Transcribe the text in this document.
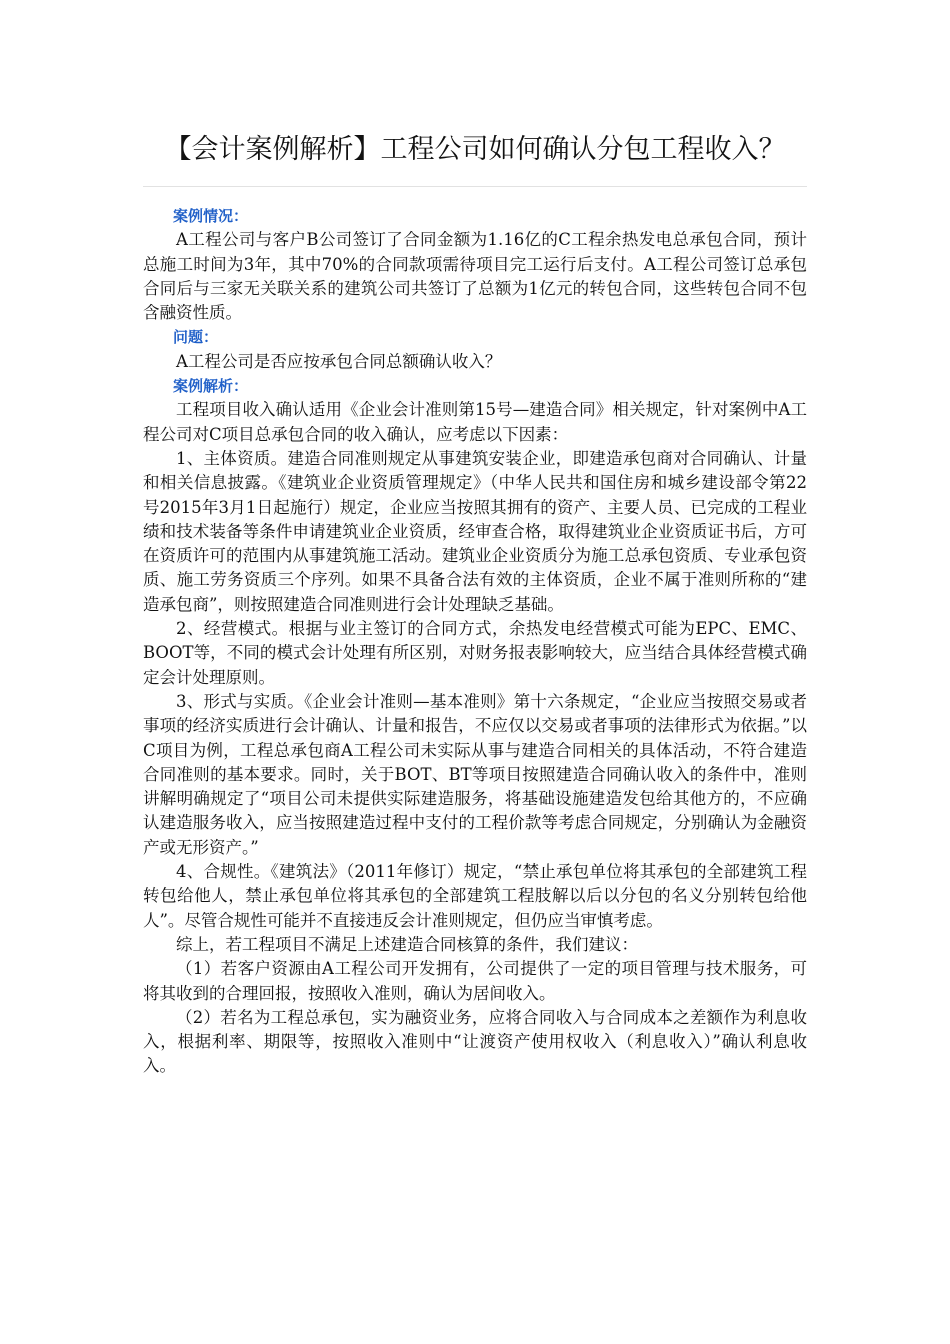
【会计案例解析】工程公司如何确认分包工程收入？

案例情况：

A工程公司与客户B公司签订了合同金额为1.16亿的C工程余热发电总承包合同，预计总施工时间为3年，其中70%的合同款项需待项目完工运行后支付。A工程公司签订总承包合同后与三家无关联关系的建筑公司共签订了总额为1亿元的转包合同，这些转包合同不包含融资性质。

问题：

A工程公司是否应按承包合同总额确认收入？

案例解析：

工程项目收入确认适用《企业会计准则第15号—建造合同》相关规定，针对案例中A工程公司对C项目总承包合同的收入确认，应考虑以下因素：

1、主体资质。建造合同准则规定从事建筑安装企业，即建造承包商对合同确认、计量和相关信息披露。《建筑业企业资质管理规定》（中华人民共和国住房和城乡建设部令第22号2015年3月1日起施行）规定，企业应当按照其拥有的资产、主要人员、已完成的工程业绩和技术装备等条件申请建筑业企业资质，经审查合格，取得建筑业企业资质证书后，方可在资质许可的范围内从事建筑施工活动。建筑业企业资质分为施工总承包资质、专业承包资质、施工劳务资质三个序列。如果不具备合法有效的主体资质，企业不属于准则所称的“建造承包商”，则按照建造合同准则进行会计处理缺乏基础。

2、经营模式。根据与业主签订的合同方式，余热发电经营模式可能为EPC、EMC、BOOT等，不同的模式会计处理有所区别，对财务报表影响较大，应当结合具体经营模式确定会计处理原则。

3、形式与实质。《企业会计准则—基本准则》第十六条规定，“企业应当按照交易或者事项的经济实质进行会计确认、计量和报告，不应仅以交易或者事项的法律形式为依据。”以C项目为例，工程总承包商A工程公司未实际从事与建造合同相关的具体活动，不符合建造合同准则的基本要求。同时，关于BOT、BT等项目按照建造合同确认收入的条件中，准则讲解明确规定了“项目公司未提供实际建造服务，将基础设施建造发包给其他方的，不应确认建造服务收入，应当按照建造过程中支付的工程价款等考虑合同规定，分别确认为金融资产或无形资产。”

4、合规性。《建筑法》（2011年修订）规定，“禁止承包单位将其承包的全部建筑工程转包给他人，禁止承包单位将其承包的全部建筑工程肢解以后以分包的名义分别转包给他人”。尽管合规性可能并不直接违反会计准则规定，但仍应当审慎考虑。

综上，若工程项目不满足上述建造合同核算的条件，我们建议：

（1）若客户资源由A工程公司开发拥有，公司提供了一定的项目管理与技术服务，可将其收到的合理回报，按照收入准则，确认为居间收入。

（2）若名为工程总承包，实为融资业务，应将合同收入与合同成本之差额作为利息收入，根据利率、期限等，按照收入准则中“让渡资产使用权收入（利息收入）”确认利息收入。
